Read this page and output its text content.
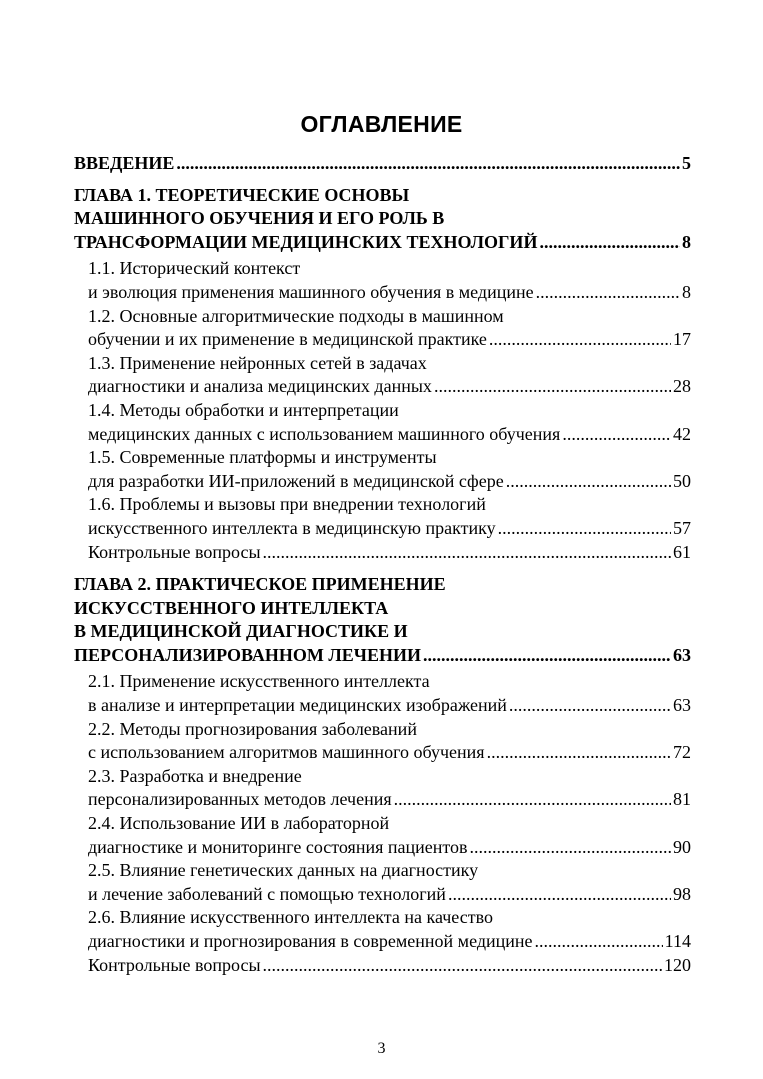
ОГЛАВЛЕНИЕ
ВВЕДЕНИЕ .....	5
ГЛАВА 1. ТЕОРЕТИЧЕСКИЕ ОСНОВЫ
МАШИННОГО ОБУЧЕНИЯ И ЕГО РОЛЬ В
ТРАНСФОРМАЦИИ МЕДИЦИНСКИХ ТЕХНОЛОГИЙ .....	8
1.1. Исторический контекст
и эволюция применения машинного обучения в медицине .....	8
1.2. Основные алгоритмические подходы в машинном
обучении и их применение в медицинской практике .....	17
1.3. Применение нейронных сетей в задачах
диагностики и анализа медицинских данных .....	28
1.4. Методы обработки и интерпретации
медицинских данных с использованием машинного обучения .....	42
1.5. Современные платформы и инструменты
для разработки ИИ-приложений в медицинской сфере .....	50
1.6. Проблемы и вызовы при внедрении технологий
искусственного интеллекта в медицинскую практику .....	57
Контрольные вопросы .....	61
ГЛАВА 2. ПРАКТИЧЕСКОЕ ПРИМЕНЕНИЕ
ИСКУССТВЕННОГО ИНТЕЛЛЕКТА
В МЕДИЦИНСКОЙ ДИАГНОСТИКЕ И
ПЕРСОНАЛИЗИРОВАННОМ ЛЕЧЕНИИ .....	63
2.1. Применение искусственного интеллекта
в анализе и интерпретации медицинских изображений .....	63
2.2. Методы прогнозирования заболеваний
с использованием алгоритмов машинного обучения .....	72
2.3. Разработка и внедрение
персонализированных методов лечения .....	81
2.4. Использование ИИ в лабораторной
диагностике и мониторинге состояния пациентов .....	90
2.5. Влияние генетических данных на диагностику
и лечение заболеваний с помощью технологий .....	98
2.6. Влияние искусственного интеллекта на качество
диагностики и прогнозирования в современной медицине .....	114
Контрольные вопросы .....	120
3
